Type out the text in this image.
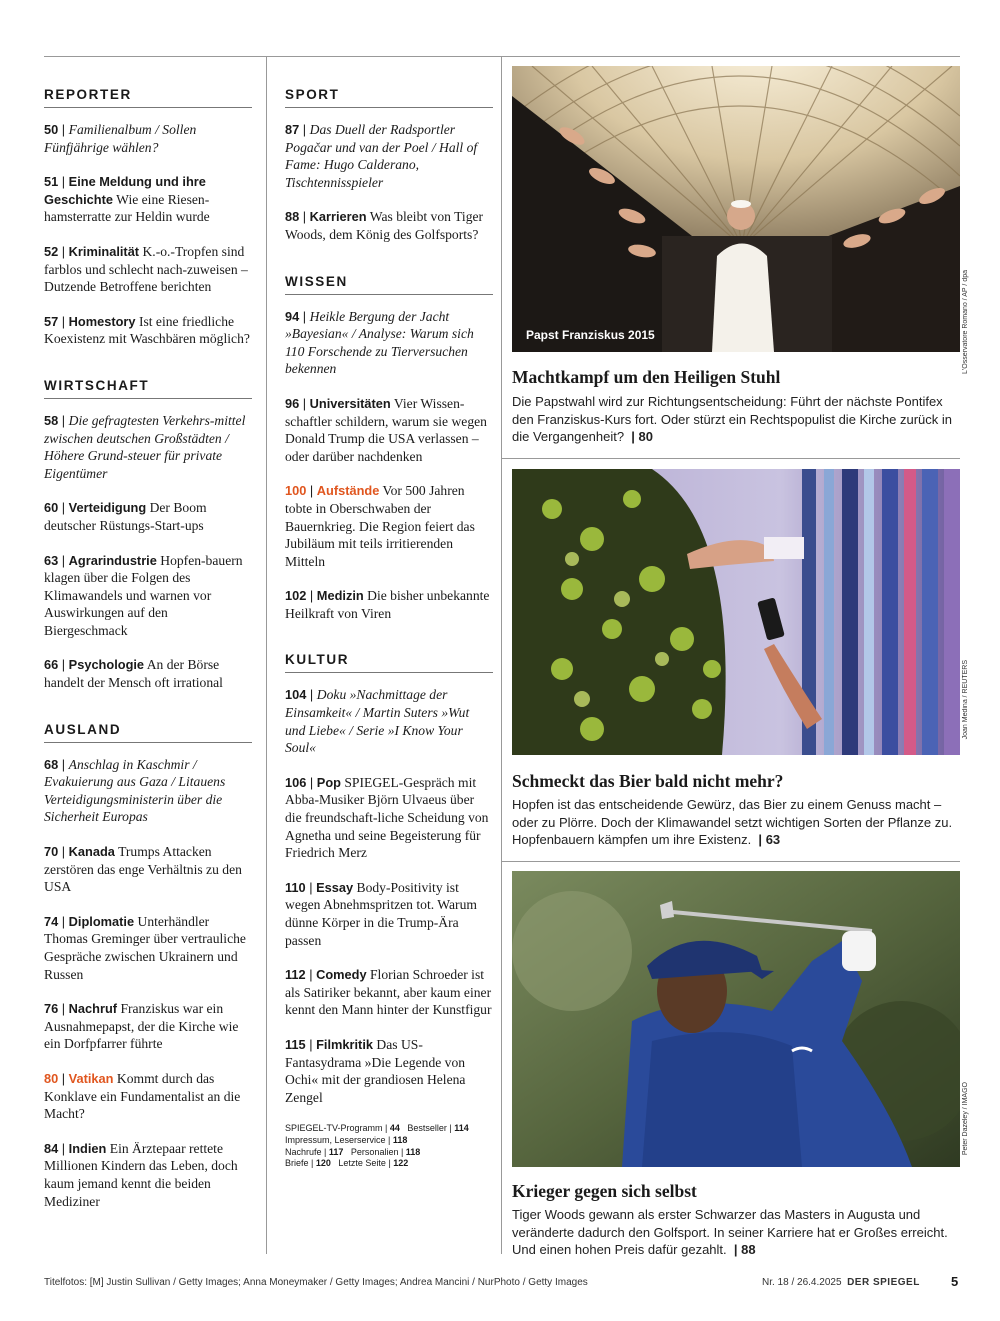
REPORTER
50 | Familienalbum / Sollen Fünfjährige wählen?
51 | Eine Meldung und ihre Geschichte Wie eine Riesen-hamsterratte zur Heldin wurde
52 | Kriminalität K.-o.-Tropfen sind farblos und schlecht nach-zuweisen – Dutzende Betroffene berichten
57 | Homestory Ist eine friedliche Koexistenz mit Waschbären möglich?
WIRTSCHAFT
58 | Die gefragtesten Verkehrs-mittel zwischen deutschen Großstädten / Höhere Grund-steuer für private Eigentümer
60 | Verteidigung Der Boom deutscher Rüstungs-Start-ups
63 | Agrarindustrie Hopfen-bauern klagen über die Folgen des Klimawandels und warnen vor Auswirkungen auf den Biergeschmack
66 | Psychologie An der Börse handelt der Mensch oft irrational
AUSLAND
68 | Anschlag in Kaschmir / Evakuierung aus Gaza / Litauens Verteidigungsministerin über die Sicherheit Europas
70 | Kanada Trumps Attacken zerstören das enge Verhältnis zu den USA
74 | Diplomatie Unterhändler Thomas Greminger über vertrauliche Gespräche zwischen Ukrainern und Russen
76 | Nachruf Franziskus war ein Ausnahmepapst, der die Kirche wie ein Dorfpfarrer führte
80 | Vatikan Kommt durch das Konklave ein Fundamentalist an die Macht?
84 | Indien Ein Ärztepaar rettete Millionen Kindern das Leben, doch kaum jemand kennt die beiden Mediziner
SPORT
87 | Das Duell der Radsportler Pogačar und van der Poel / Hall of Fame: Hugo Calderano, Tischtennisspieler
88 | Karrieren Was bleibt von Tiger Woods, dem König des Golfsports?
WISSEN
94 | Heikle Bergung der Jacht »Bayesian« / Analyse: Warum sich 110 Forschende zu Tierversuchen bekennen
96 | Universitäten Vier Wissen-schaftler schildern, warum sie wegen Donald Trump die USA verlassen – oder darüber nachdenken
100 | Aufstände Vor 500 Jahren tobte in Oberschwaben der Bauernkrieg. Die Region feiert das Jubiläum mit teils irritierenden Mitteln
102 | Medizin Die bisher unbekannte Heilkraft von Viren
KULTUR
104 | Doku »Nachmittage der Einsamkeit« / Martin Suters »Wut und Liebe« / Serie »I Know Your Soul«
106 | Pop SPIEGEL-Gespräch mit Abba-Musiker Björn Ulvaeus über die freundschaft-liche Scheidung von Agnetha und seine Begeisterung für Friedrich Merz
110 | Essay Body-Positivity ist wegen Abnehmspritzen tot. Warum dünne Körper in die Trump-Ära passen
112 | Comedy Florian Schroeder ist als Satiriker bekannt, aber kaum einer kennt den Mann hinter der Kunstfigur
115 | Filmkritik Das US-Fantasydrama »Die Legende von Ochi« mit der grandiosen Helena Zengel
SPIEGEL-TV-Programm | 44 Bestseller | 114
Impressum, Leserservice | 118
Nachrufe | 117 Personalien | 118
Briefe | 120 Letzte Seite | 122
Papst Franziskus 2015	L'Osservatore Romano / AP / dpa
Machtkampf um den Heiligen Stuhl
Die Papstwahl wird zur Richtungsentscheidung: Führt der nächste Pontifex den Franziskus-Kurs fort. Oder stürzt ein Rechtspopulist die Kirche zurück in die Vergangenheit?  | 80
Joan Medina / REUTERS
Schmeckt das Bier bald nicht mehr?
Hopfen ist das entscheidende Gewürz, das Bier zu einem Genuss macht – oder zu Plörre. Doch der Klimawandel setzt wichtigen Sorten der Pflanze zu. Hopfenbauern kämpfen um ihre Existenz.  | 63
Peter Dazeley / IMAGO
Krieger gegen sich selbst
Tiger Woods gewann als erster Schwarzer das Masters in Augusta und veränderte dadurch den Golfsport. In seiner Karriere hat er Großes erreicht. Und einen hohen Preis dafür gezahlt.  | 88
Titelfotos: [M] Justin Sullivan / Getty Images; Anna Moneymaker / Getty Images; Andrea Mancini / NurPhoto / Getty Images	Nr. 18 / 26.4.2025 DER SPIEGEL 5
